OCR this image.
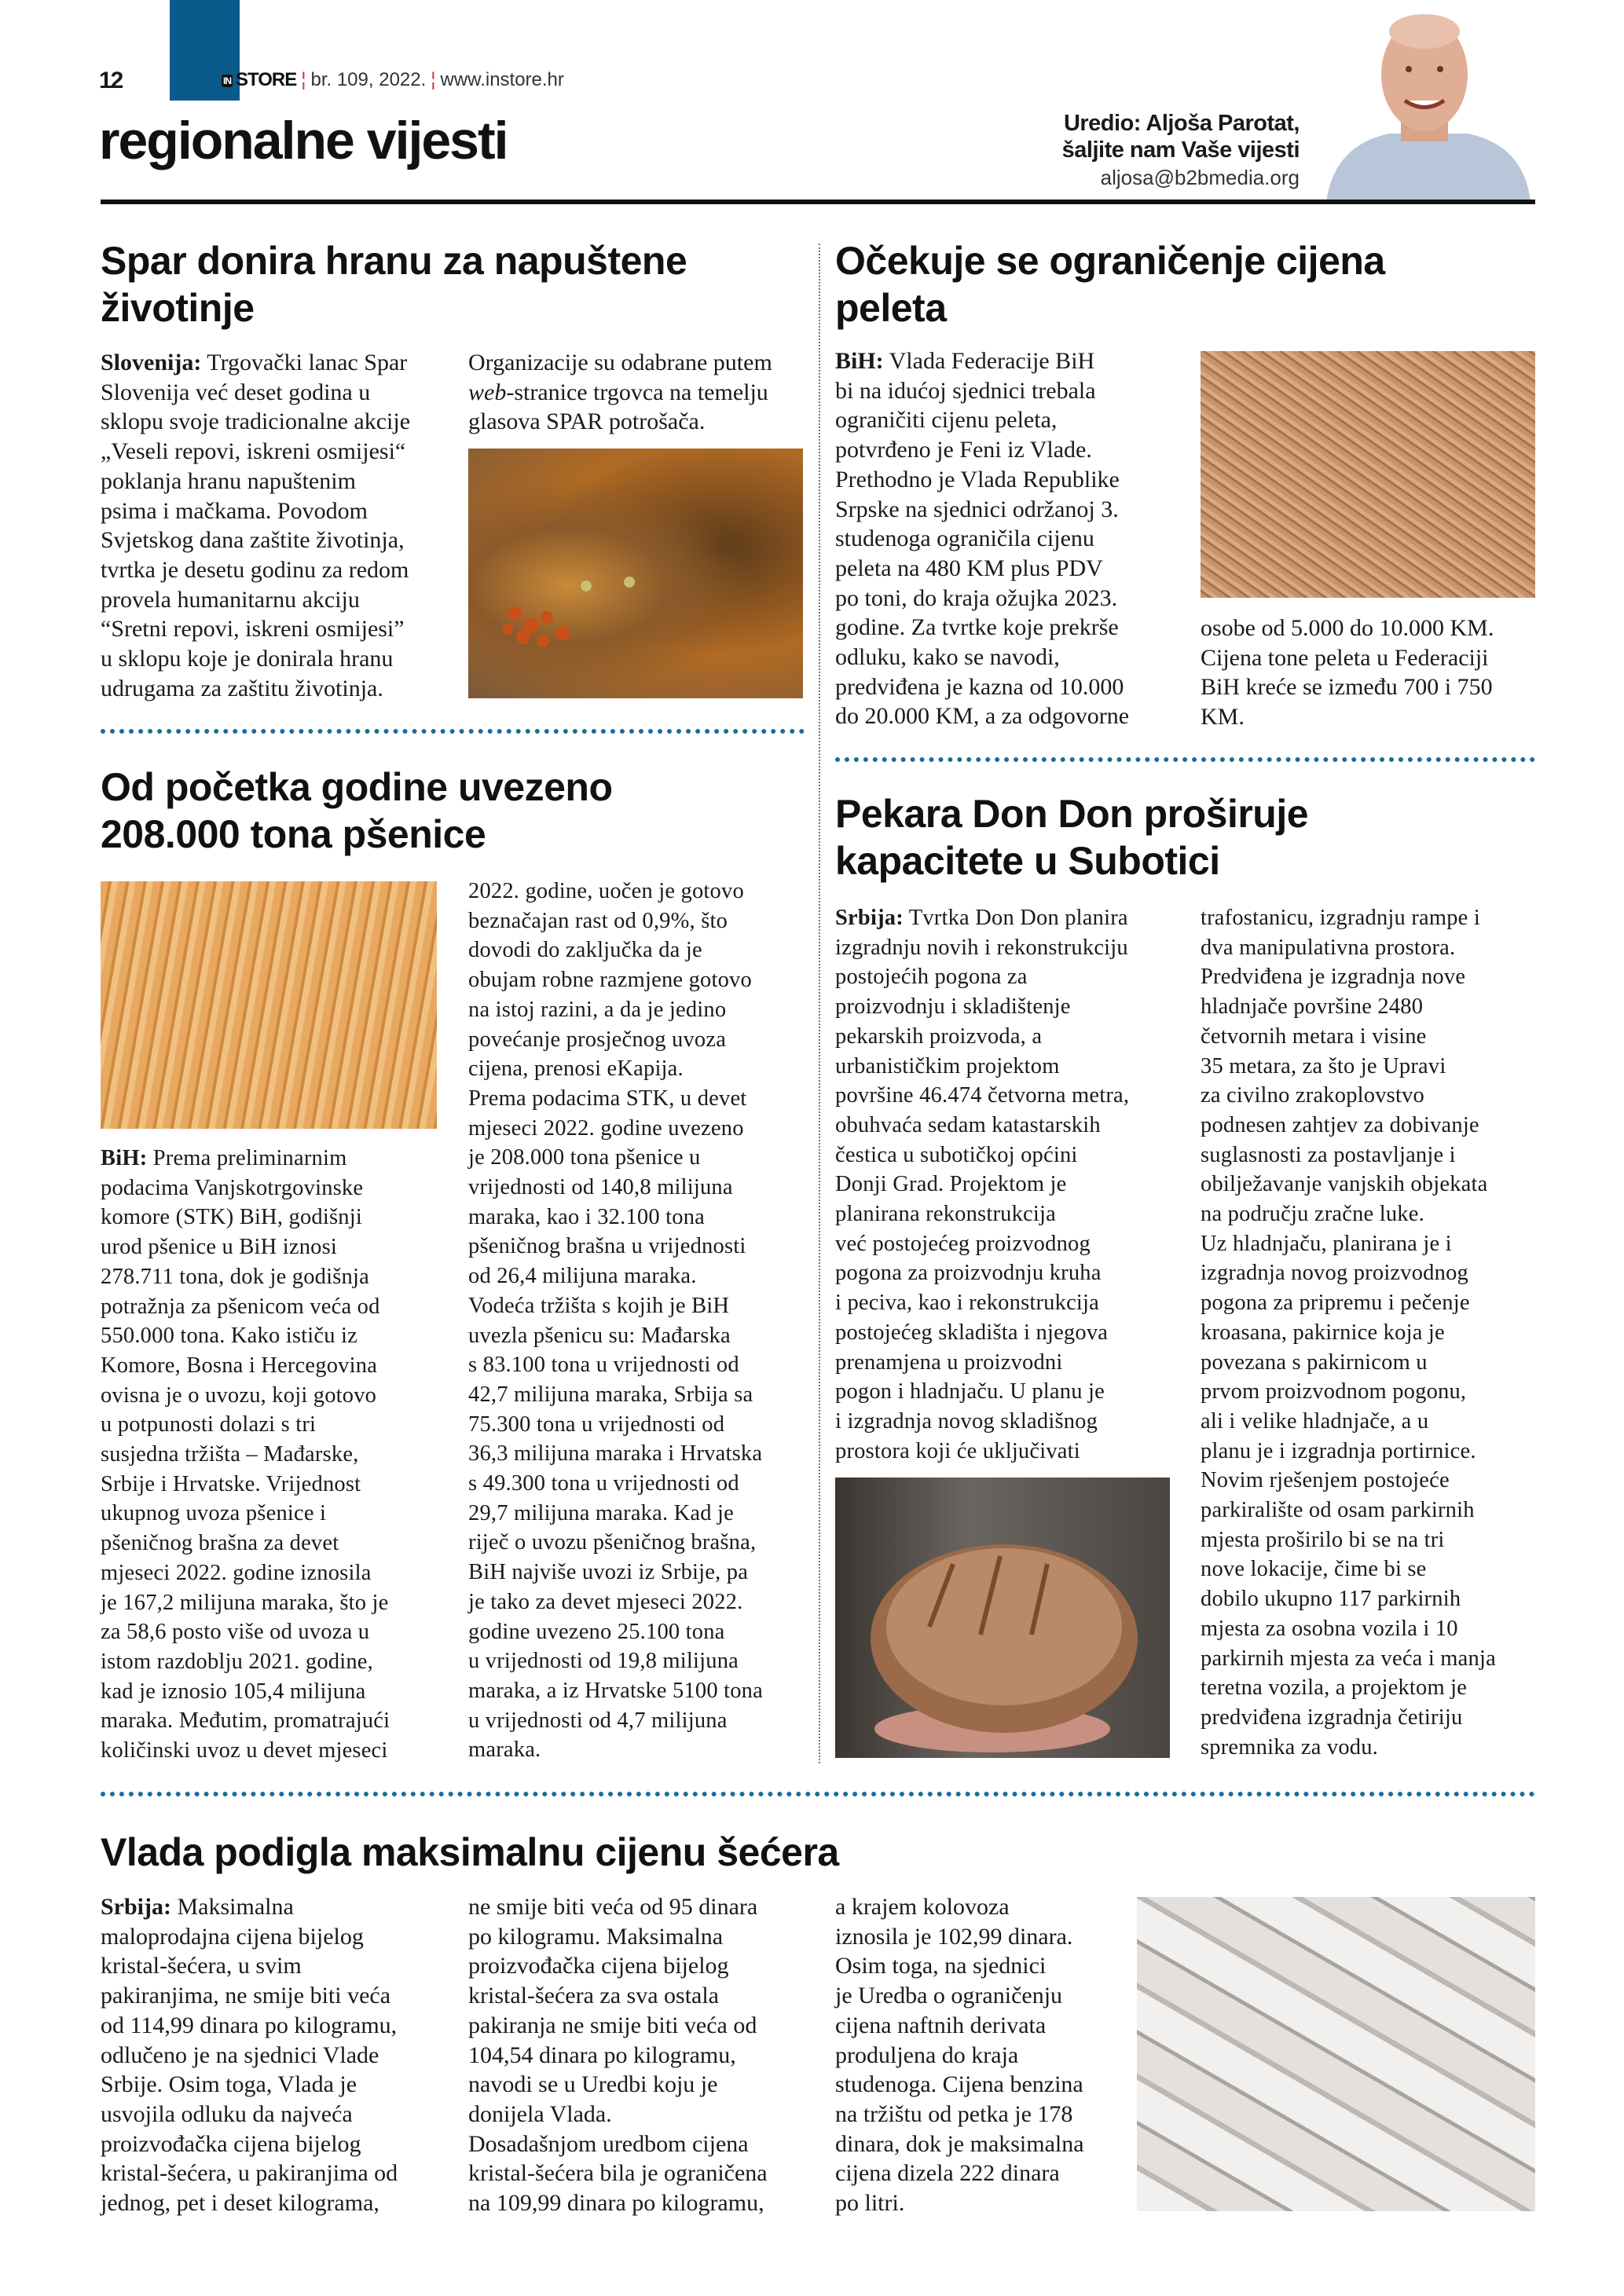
12	IN STORE ¦ br. 109, 2022. ¦ www.instore.hr
regionalne vijesti	Uredio: Aljoša Parotat,
šaljite nam Vaše vijesti
aljosa@b2bmedia.org
Spar donira hranu za napuštene
životinje
Slovenija: Trgovački lanac Spar
Slovenija već deset godina u
sklopu svoje tradicionalne akcije
„Veseli repovi, iskreni osmijesi“
poklanja hranu napuštenim
psima i mačkama. Povodom
Svjetskog dana zaštite životinja,
tvrtka je desetu godinu za redom
provela humanitarnu akciju
“Sretni repovi, iskreni osmijesi”
u sklopu koje je donirala hranu
udrugama za zaštitu životinja.
Organizacije su odabrane putem
web-stranice trgovca na temelju
glasova SPAR potrošača.
Očekuje se ograničenje cijena
peleta
BiH: Vlada Federacije BiH
bi na idućoj sjednici trebala
ograničiti cijenu peleta,
potvrđeno je Feni iz Vlade.
Prethodno je Vlada Republike
Srpske na sjednici održanoj 3.
studenoga ograničila cijenu
peleta na 480 KM plus PDV
po toni, do kraja ožujka 2023.
godine. Za tvrtke koje prekrše
odluku, kako se navodi,
predviđena je kazna od 10.000
do 20.000 KM, a za odgovorne
osobe od 5.000 do 10.000 KM.
Cijena tone peleta u Federaciji
BiH kreće se između 700 i 750
KM.
Od početka godine uvezeno
208.000 tona pšenice
BiH: Prema preliminarnim
podacima Vanjskotrgovinske
komore (STK) BiH, godišnji
urod pšenice u BiH iznosi
278.711 tona, dok je godišnja
potražnja za pšenicom veća od
550.000 tona. Kako ističu iz
Komore, Bosna i Hercegovina
ovisna je o uvozu, koji gotovo
u potpunosti dolazi s tri
susjedna tržišta – Mađarske,
Srbije i Hrvatske. Vrijednost
ukupnog uvoza pšenice i
pšeničnog brašna za devet
mjeseci 2022. godine iznosila
je 167,2 milijuna maraka, što je
za 58,6 posto više od uvoza u
istom razdoblju 2021. godine,
kad je iznosio 105,4 milijuna
maraka. Međutim, promatrajući
količinski uvoz u devet mjeseci
2022. godine, uočen je gotovo
beznačajan rast od 0,9%, što
dovodi do zaključka da je
obujam robne razmjene gotovo
na istoj razini, a da je jedino
povećanje prosječnog uvoza
cijena, prenosi eKapija.
Prema podacima STK, u devet
mjeseci 2022. godine uvezeno
je 208.000 tona pšenice u
vrijednosti od 140,8 milijuna
maraka, kao i 32.100 tona
pšeničnog brašna u vrijednosti
od 26,4 milijuna maraka.
Vodeća tržišta s kojih je BiH
uvezla pšenicu su: Mađarska
s 83.100 tona u vrijednosti od
42,7 milijuna maraka, Srbija sa
75.300 tona u vrijednosti od
36,3 milijuna maraka i Hrvatska
s 49.300 tona u vrijednosti od
29,7 milijuna maraka. Kad je
riječ o uvozu pšeničnog brašna,
BiH najviše uvozi iz Srbije, pa
je tako za devet mjeseci 2022.
godine uvezeno 25.100 tona
u vrijednosti od 19,8 milijuna
maraka, a iz Hrvatske 5100 tona
u vrijednosti od 4,7 milijuna
maraka.
Pekara Don Don proširuje
kapacitete u Subotici
Srbija: Tvrtka Don Don planira
izgradnju novih i rekonstrukciju
postojećih pogona za
proizvodnju i skladištenje
pekarskih proizvoda, a
urbanističkim projektom
površine 46.474 četvorna metra,
obuhvaća sedam katastarskih
čestica u subotičkoj općini
Donji Grad. Projektom je
planirana rekonstrukcija
već postojećeg proizvodnog
pogona za proizvodnju kruha
i peciva, kao i rekonstrukcija
postojećeg skladišta i njegova
prenamjena u proizvodni
pogon i hladnjaču. U planu je
i izgradnja novog skladišnog
prostora koji će uključivati
trafostanicu, izgradnju rampe i
dva manipulativna prostora.
Predviđena je izgradnja nove
hladnjače površine 2480
četvornih metara i visine
35 metara, za što je Upravi
za civilno zrakoplovstvo
podnesen zahtjev za dobivanje
suglasnosti za postavljanje i
obilježavanje vanjskih objekata
na području zračne luke.
Uz hladnjaču, planirana je i
izgradnja novog proizvodnog
pogona za pripremu i pečenje
kroasana, pakirnice koja je
povezana s pakirnicom u
prvom proizvodnom pogonu,
ali i velike hladnjače, a u
planu je i izgradnja portirnice.
Novim rješenjem postojeće
parkiralište od osam parkirnih
mjesta proširilo bi se na tri
nove lokacije, čime bi se
dobilo ukupno 117 parkirnih
mjesta za osobna vozila i 10
parkirnih mjesta za veća i manja
teretna vozila, a projektom je
predviđena izgradnja četiriju
spremnika za vodu.
Vlada podigla maksimalnu cijenu šećera
Srbija: Maksimalna
maloprodajna cijena bijelog
kristal-šećera, u svim
pakiranjima, ne smije biti veća
od 114,99 dinara po kilogramu,
odlučeno je na sjednici Vlade
Srbije. Osim toga, Vlada je
usvojila odluku da najveća
proizvođačka cijena bijelog
kristal-šećera, u pakiranjima od
jednog, pet i deset kilograma,
ne smije biti veća od 95 dinara
po kilogramu. Maksimalna
proizvođačka cijena bijelog
kristal-šećera za sva ostala
pakiranja ne smije biti veća od
104,54 dinara po kilogramu,
navodi se u Uredbi koju je
donijela Vlada.
Dosadašnjom uredbom cijena
kristal-šećera bila je ograničena
na 109,99 dinara po kilogramu,
a krajem kolovoza
iznosila je 102,99 dinara.
Osim toga, na sjednici
je Uredba o ograničenju
cijena naftnih derivata
produljena do kraja
studenoga. Cijena benzina
na tržištu od petka je 178
dinara, dok je maksimalna
cijena dizela 222 dinara
po litri.
